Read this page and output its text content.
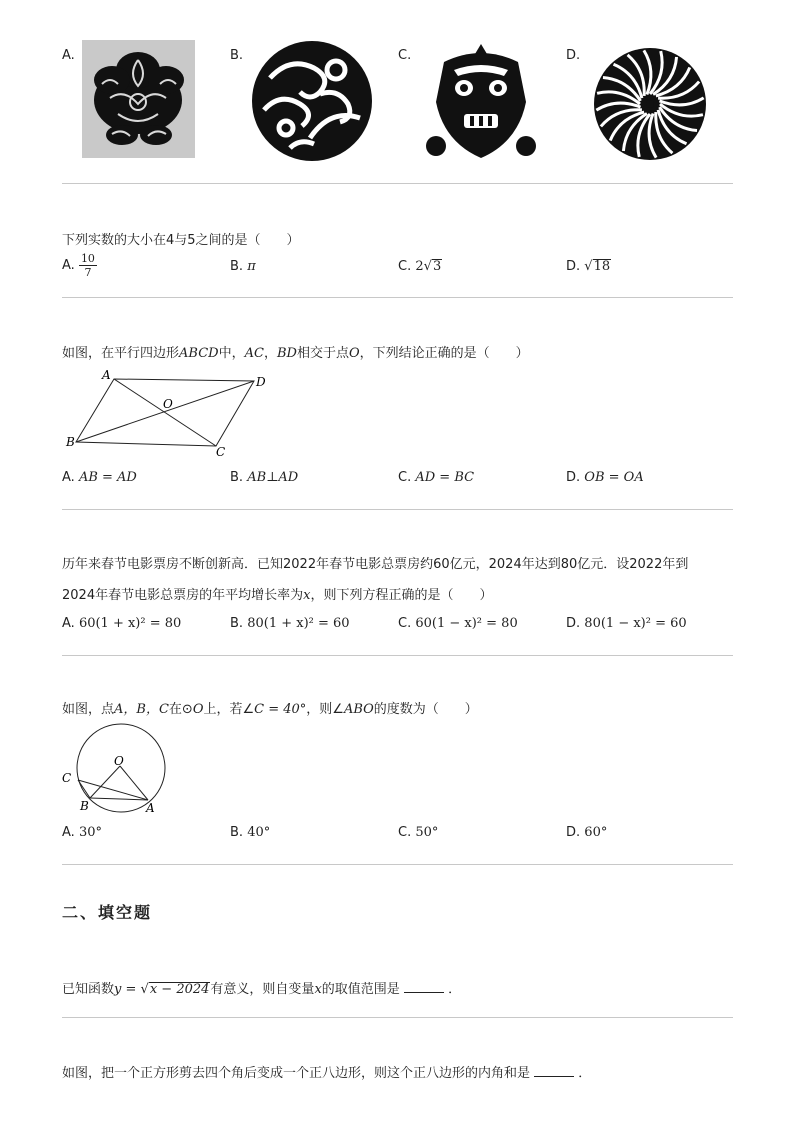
A.	B.	C.	D.
下列实数的大小在4与5之间的是（　　）
A. $\frac{10}{7}$	B. π	C. 2√3	D. √18
如图，在平行四边形ABCD中，AC，BD相交于点O，下列结论正确的是（　　）
A	D
B
C
O
A. AB = AD	B. AB⊥AD	C. AD = BC	D. OB = OA
历年来春节电影票房不断创新高．已知2022年春节电影总票房约60亿元，2024年达到80亿元．设2022年到
2024年春节电影总票房的年平均增长率为x，则下列方程正确的是（　　）
A. 60(1 + x)² = 80	B. 80(1 + x)² = 60	C. 60(1 − x)² = 80	D. 80(1 − x)² = 60
如图，点A，B，C在⊙O上，若∠C = 40°，则∠ABO的度数为（　　）
O
C
B	A
A. 30°	B. 40°	C. 50°	D. 60°
二、填空题
已知函数y = √x − 2024有意义，则自变量x的取值范围是	．
如图，把一个正方形剪去四个角后变成一个正八边形，则这个正八边形的内角和是	．
